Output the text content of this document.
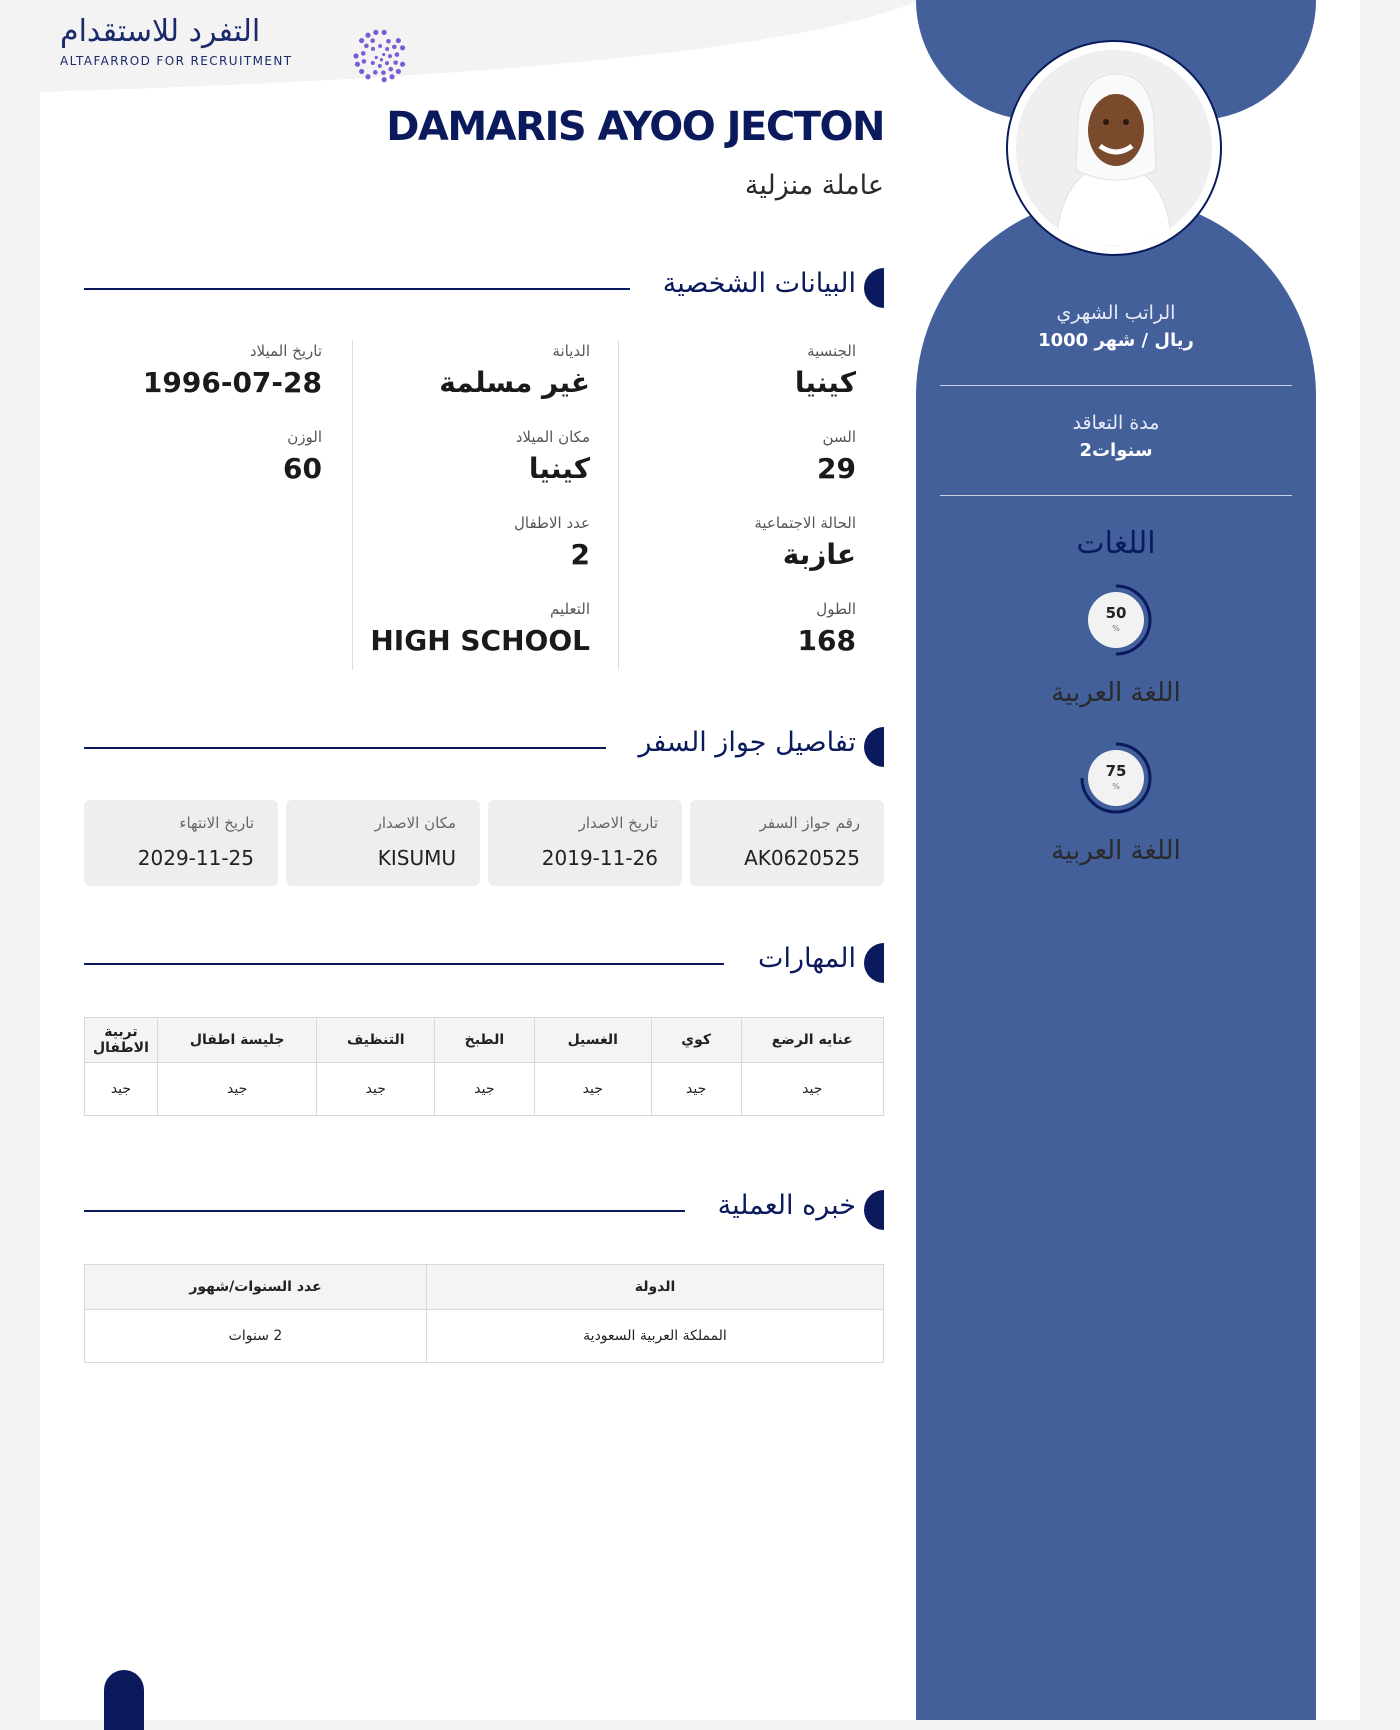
التفرد للاستقدام
ALTAFARROD FOR RECRUITMENT
الراتب الشهري
1000 ريال / شهر
مدة التعاقد
2سنوات
اللغات
50
%
اللغة العربية
75
%
اللغة العربية
DAMARIS AYOO JECTON
عاملة منزلية
البيانات الشخصية
الجنسية
كينيا
السن
29
الحالة الاجتماعية
عازبة
الطول
168
الديانة
غير مسلمة
مكان الميلاد
كينيا
عدد الاطفال
2
التعليم
HIGH SCHOOL
تاريخ الميلاد
1996-07-28
الوزن
60
تفاصيل جواز السفر
رقم جواز السفر
AK0620525
تاريخ الاصدار
2019-11-26
مكان الاصدار
KISUMU
تاريخ الانتهاء
2029-11-25
المهارات
عنايه الرضع	كوي	الغسيل	الطبخ	التنظيف	جليسة اطفال	تربية الاطفال
جيد	جيد	جيد	جيد	جيد	جيد	جيد
خبره العملية
الدولة	عدد السنوات/شهور
المملكة العربية السعودية	2 سنوات
